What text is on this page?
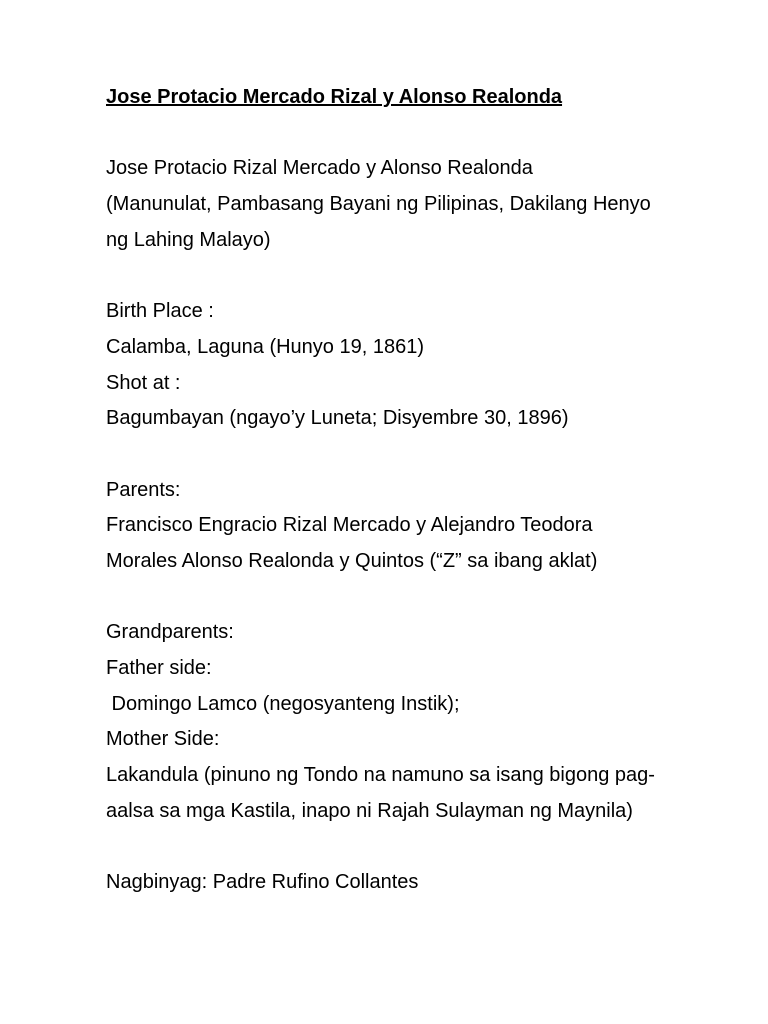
Jose Protacio Mercado Rizal y Alonso Realonda

Jose Protacio Rizal Mercado y Alonso Realonda

(Manunulat, Pambasang Bayani ng Pilipinas, Dakilang Henyo

ng Lahing Malayo)

Birth Place :

Calamba, Laguna (Hunyo 19, 1861)

Shot at :

Bagumbayan (ngayo’y Luneta; Disyembre 30, 1896)

Parents:

Francisco Engracio Rizal Mercado y Alejandro Teodora

Morales Alonso Realonda y Quintos (“Z” sa ibang aklat)

Grandparents:

Father side:

Domingo Lamco (negosyanteng Instik);

Mother Side:

Lakandula (pinuno ng Tondo na namuno sa isang bigong pag-

aalsa sa mga Kastila, inapo ni Rajah Sulayman ng Maynila)

Nagbinyag: Padre Rufino Collantes
